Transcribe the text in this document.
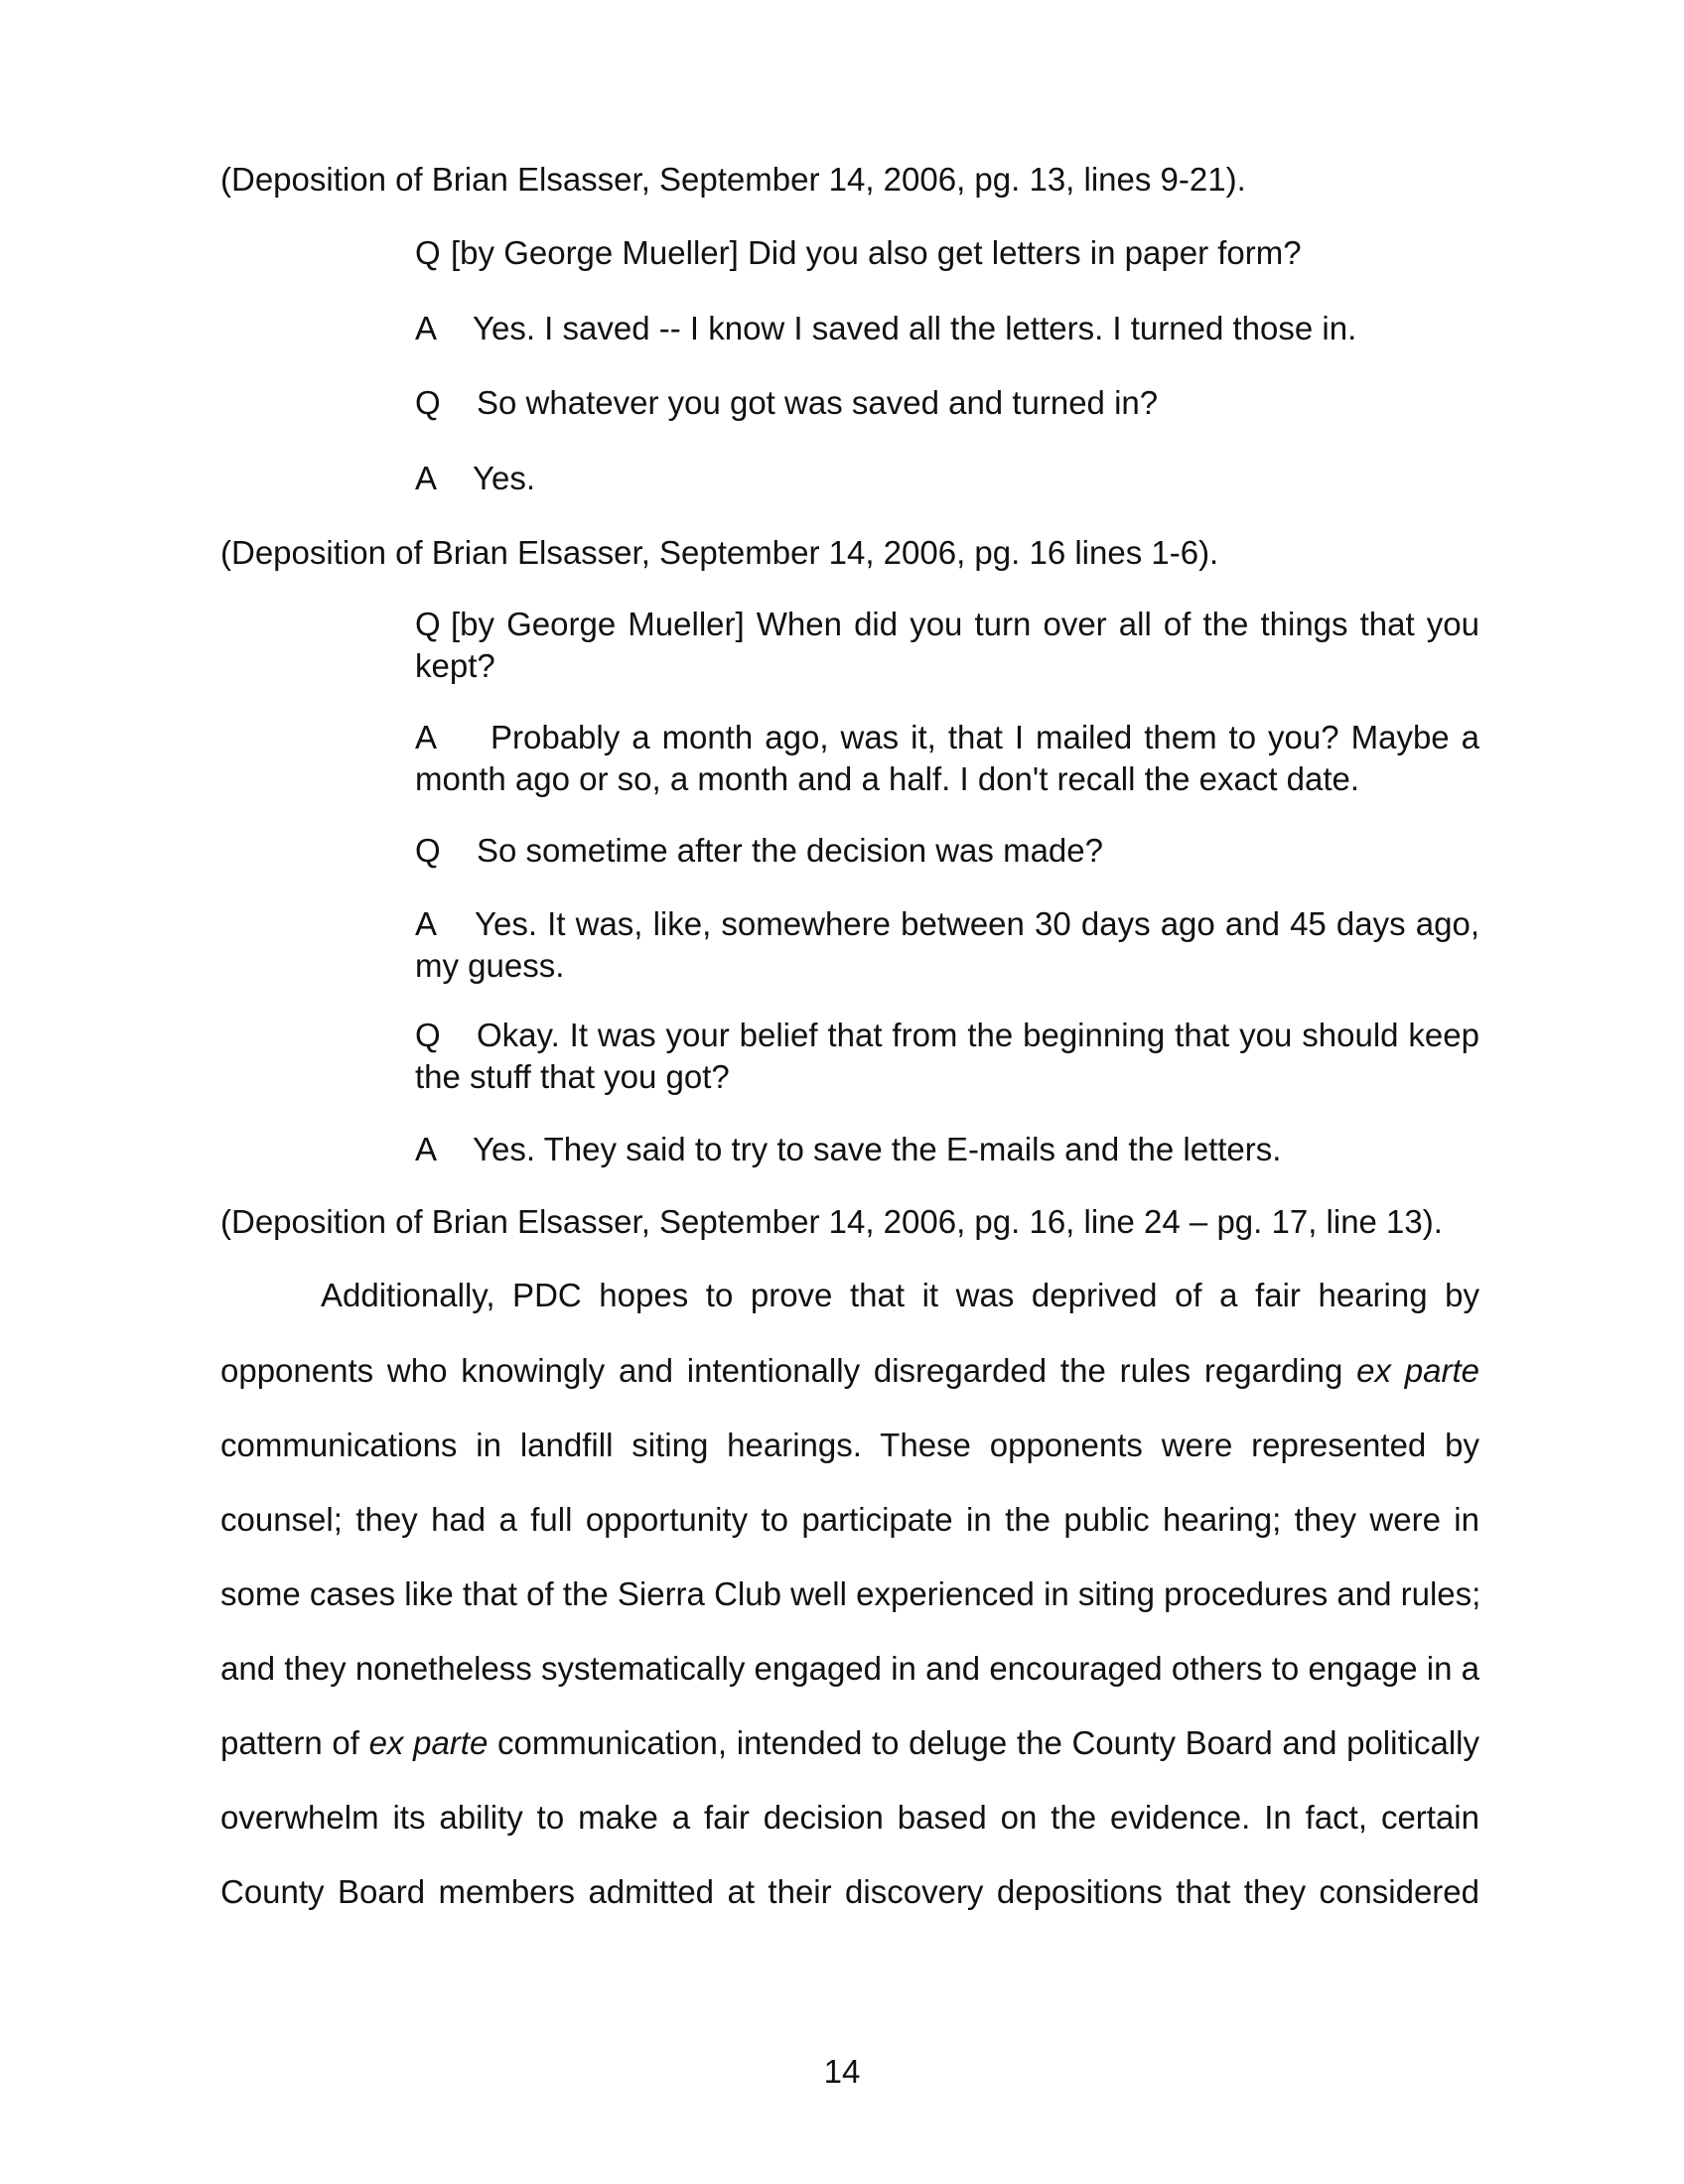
(Deposition of Brian Elsasser, September 14, 2006, pg. 13, lines 9-21).
Q [by George Mueller] Did you also get letters in paper form?
A Yes. I saved -- I know I saved all the letters. I turned those in.
Q So whatever you got was saved and turned in?
A Yes.
(Deposition of Brian Elsasser, September 14, 2006, pg. 16 lines 1-6).
Q [by George Mueller] When did you turn over all of the things that you kept?
A Probably a month ago, was it, that I mailed them to you? Maybe a month ago or so, a month and a half. I don't recall the exact date.
Q So sometime after the decision was made?
A Yes. It was, like, somewhere between 30 days ago and 45 days ago, my guess.
Q Okay. It was your belief that from the beginning that you should keep the stuff that you got?
A Yes. They said to try to save the E-mails and the letters.
(Deposition of Brian Elsasser, September 14, 2006, pg. 16, line 24 – pg. 17, line 13).
Additionally, PDC hopes to prove that it was deprived of a fair hearing by
opponents who knowingly and intentionally disregarded the rules regarding ex parte
communications in landfill siting hearings. These opponents were represented by
counsel; they had a full opportunity to participate in the public hearing; they were in
some cases like that of the Sierra Club well experienced in siting procedures and rules;
and they nonetheless systematically engaged in and encouraged others to engage in a
pattern of ex parte communication, intended to deluge the County Board and politically
overwhelm its ability to make a fair decision based on the evidence. In fact, certain
County Board members admitted at their discovery depositions that they considered
14
